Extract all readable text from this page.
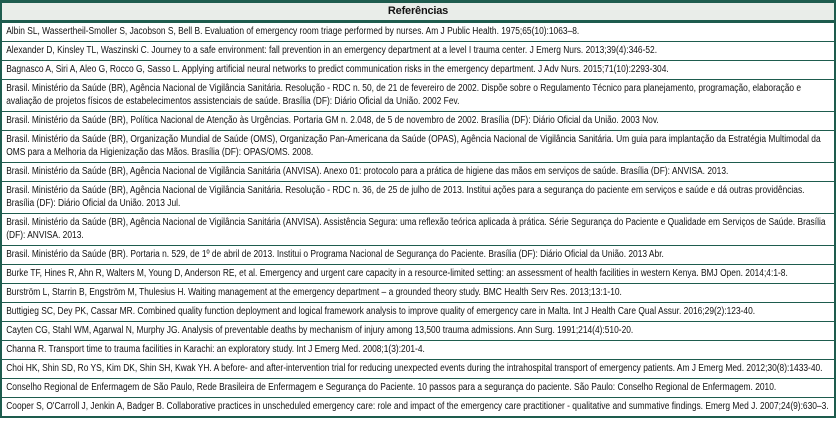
Referências
Albin SL, Wassertheil-Smoller S, Jacobson S, Bell B. Evaluation of emergency room triage performed by nurses. Am J Public Health. 1975;65(10):1063–8.
Alexander D, Kinsley TL, Waszinski C. Journey to a safe environment: fall prevention in an emergency department at a level I trauma center. J Emerg Nurs. 2013;39(4):346-52.
Bagnasco A, Siri A, Aleo G, Rocco G, Sasso L. Applying artificial neural networks to predict communication risks in the emergency department. J Adv Nurs. 2015;71(10):2293-304.
Brasil. Ministério da Saúde (BR), Agência Nacional de Vigilância Sanitária. Resolução - RDC n. 50, de 21 de fevereiro de 2002. Dispõe sobre o Regulamento Técnico para planejamento, programação, elaboração e avaliação de projetos físicos de estabelecimentos assistenciais de saúde. Brasília (DF): Diário Oficial da União. 2002 Fev.
Brasil. Ministério da Saúde (BR), Política Nacional de Atenção às Urgências. Portaria GM n. 2.048, de 5 de novembro de 2002. Brasília (DF): Diário Oficial da União. 2003 Nov.
Brasil. Ministério da Saúde (BR), Organização Mundial de Saúde (OMS), Organização Pan-Americana da Saúde (OPAS), Agência Nacional de Vigilância Sanitária. Um guia para implantação da Estratégia Multimodal da OMS para a Melhoria da Higienização das Mãos. Brasília (DF): OPAS/OMS. 2008.
Brasil. Ministério da Saúde (BR), Agência Nacional de Vigilância Sanitária (ANVISA). Anexo 01: protocolo para a prática de higiene das mãos em serviços de saúde. Brasília (DF): ANVISA. 2013.
Brasil. Ministério da Saúde (BR), Agência Nacional de Vigilância Sanitária. Resolução - RDC n. 36, de 25 de julho de 2013. Institui ações para a segurança do paciente em serviços e saúde e dá outras providências. Brasília (DF): Diário Oficial da União. 2013 Jul.
Brasil. Ministério da Saúde (BR), Agência Nacional de Vigilância Sanitária (ANVISA). Assistência Segura: uma reflexão teórica aplicada à prática. Série Segurança do Paciente e Qualidade em Serviços de Saúde. Brasília (DF): ANVISA. 2013.
Brasil. Ministério da Saúde (BR). Portaria n. 529, de 1º de abril de 2013. Institui o Programa Nacional de Segurança do Paciente. Brasília (DF): Diário Oficial da União. 2013 Abr.
Burke TF, Hines R, Ahn R, Walters M, Young D, Anderson RE, et al. Emergency and urgent care capacity in a resource-limited setting: an assessment of health facilities in western Kenya. BMJ Open. 2014;4:1-8.
Burström L, Starrin B, Engström M, Thulesius H. Waiting management at the emergency department – a grounded theory study. BMC Health Serv Res. 2013;13:1-10.
Buttigieg SC, Dey PK, Cassar MR. Combined quality function deployment and logical framework analysis to improve quality of emergency care in Malta. Int J Health Care Qual Assur. 2016;29(2):123-40.
Cayten CG, Stahl WM, Agarwal N, Murphy JG. Analysis of preventable deaths by mechanism of injury among 13,500 trauma admissions. Ann Surg. 1991;214(4):510-20.
Channa R. Transport time to trauma facilities in Karachi: an exploratory study. Int J Emerg Med. 2008;1(3):201-4.
Choi HK, Shin SD, Ro YS, Kim DK, Shin SH, Kwak YH. A before- and after-intervention trial for reducing unexpected events during the intrahospital transport of emergency patients. Am J Emerg Med. 2012;30(8):1433-40.
Conselho Regional de Enfermagem de São Paulo, Rede Brasileira de Enfermagem e Segurança do Paciente. 10 passos para a segurança do paciente. São Paulo: Conselho Regional de Enfermagem. 2010.
Cooper S, O'Carroll J, Jenkin A, Badger B. Collaborative practices in unscheduled emergency care: role and impact of the emergency care practitioner - qualitative and summative findings. Emerg Med J. 2007;24(9):630–3.
